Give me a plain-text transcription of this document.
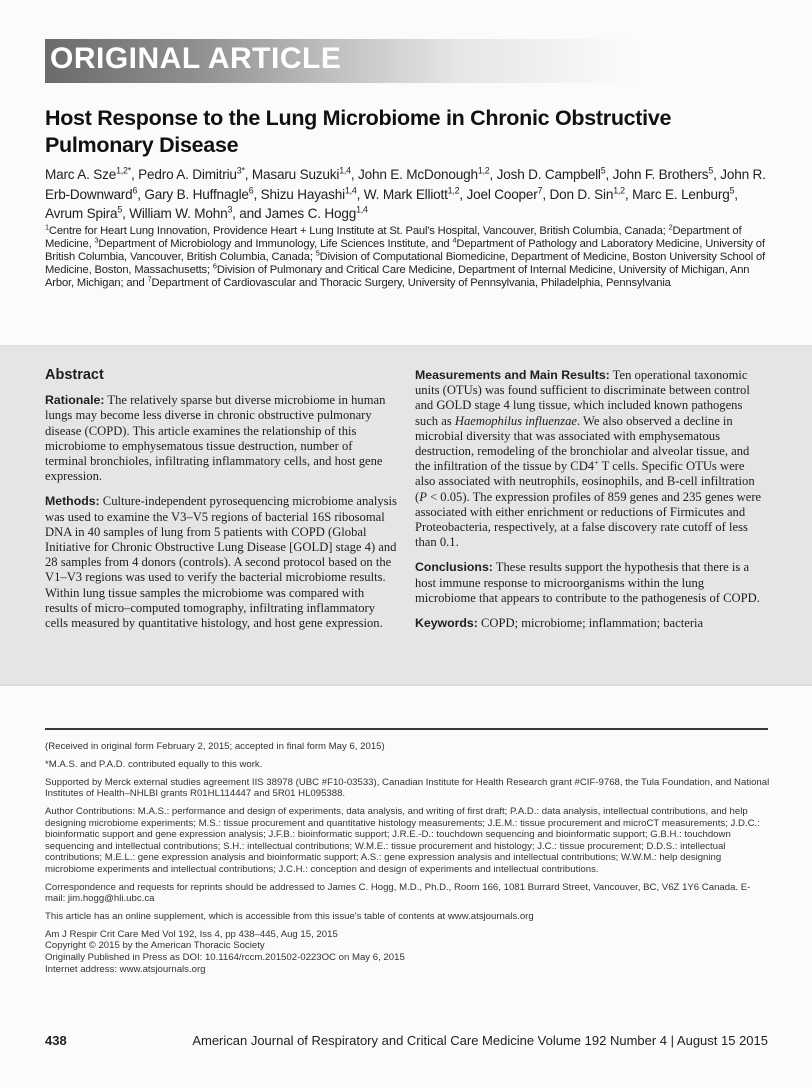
ORIGINAL ARTICLE
Host Response to the Lung Microbiome in Chronic Obstructive Pulmonary Disease
Marc A. Sze$^{1,2*}$, Pedro A. Dimitriu$^{3*}$, Masaru Suzuki$^{1,4}$, John E. McDonough$^{1,2}$, Josh D. Campbell$^5$, John F. Brothers$^5$, John R. Erb-Downward$^6$, Gary B. Huffnagle$^6$, Shizu Hayashi$^{1,4}$, W. Mark Elliott$^{1,2}$, Joel Cooper$^7$, Don D. Sin$^{1,2}$, Marc E. Lenburg$^5$, Avrum Spira$^5$, William W. Mohn$^3$, and James C. Hogg$^{1,4}$
$^1$Centre for Heart Lung Innovation, Providence Heart + Lung Institute at St. Paul's Hospital, Vancouver, British Columbia, Canada; $^2$Department of Medicine, $^3$Department of Microbiology and Immunology, Life Sciences Institute, and $^4$Department of Pathology and Laboratory Medicine, University of British Columbia, Vancouver, British Columbia, Canada; $^5$Division of Computational Biomedicine, Department of Medicine, Boston University School of Medicine, Boston, Massachusetts; $^6$Division of Pulmonary and Critical Care Medicine, Department of Internal Medicine, University of Michigan, Ann Arbor, Michigan; and $^7$Department of Cardiovascular and Thoracic Surgery, University of Pennsylvania, Philadelphia, Pennsylvania
Abstract

Rationale: The relatively sparse but diverse microbiome in human lungs may become less diverse in chronic obstructive pulmonary disease (COPD). This article examines the relationship of this microbiome to emphysematous tissue destruction, number of terminal bronchioles, infiltrating inflammatory cells, and host gene expression.

Methods: Culture-independent pyrosequencing microbiome analysis was used to examine the V3–V5 regions of bacterial 16S ribosomal DNA in 40 samples of lung from 5 patients with COPD (Global Initiative for Chronic Obstructive Lung Disease [GOLD] stage 4) and 28 samples from 4 donors (controls). A second protocol based on the V1–V3 regions was used to verify the bacterial microbiome results. Within lung tissue samples the microbiome was compared with results of micro–computed tomography, infiltrating inflammatory cells measured by quantitative histology, and host gene expression.

Measurements and Main Results: Ten operational taxonomic units (OTUs) was found sufficient to discriminate between control and GOLD stage 4 lung tissue, which included known pathogens such as Haemophilus influenzae. We also observed a decline in microbial diversity that was associated with emphysematous destruction, remodeling of the bronchiolar and alveolar tissue, and the infiltration of the tissue by CD4+ T cells. Specific OTUs were also associated with neutrophils, eosinophils, and B-cell infiltration (P < 0.05). The expression profiles of 859 genes and 235 genes were associated with either enrichment or reductions of Firmicutes and Proteobacteria, respectively, at a false discovery rate cutoff of less than 0.1.

Conclusions: These results support the hypothesis that there is a host immune response to microorganisms within the lung microbiome that appears to contribute to the pathogenesis of COPD.

Keywords: COPD; microbiome; inflammation; bacteria

(Received in original form February 2, 2015; accepted in final form May 6, 2015)

*M.A.S. and P.A.D. contributed equally to this work.

Supported by Merck external studies agreement IIS 38978 (UBC #F10-03533), Canadian Institute for Health Research grant #CIF-9768, the Tula Foundation, and National Institutes of Health–NHLBI grants R01HL114447 and 5R01 HL095388.

Author Contributions: M.A.S.: performance and design of experiments, data analysis, and writing of first draft; P.A.D.: data analysis, intellectual contributions, and help designing microbiome experiments; M.S.: tissue procurement and quantitative histology measurements; J.E.M.: tissue procurement and microCT measurements; J.D.C.: bioinformatic support and gene expression analysis; J.F.B.: bioinformatic support; J.R.E.-D.: touchdown sequencing and bioinformatic support; G.B.H.: touchdown sequencing and intellectual contributions; S.H.: intellectual contributions; W.M.E.: tissue procurement and histology; J.C.: tissue procurement; D.D.S.: intellectual contributions; M.E.L.: gene expression analysis and bioinformatic support; A.S.: gene expression analysis and intellectual contributions; W.W.M.: help designing microbiome experiments and intellectual contributions; J.C.H.: conception and design of experiments and intellectual contributions.

Correspondence and requests for reprints should be addressed to James C. Hogg, M.D., Ph.D., Room 166, 1081 Burrard Street, Vancouver, BC, V6Z 1Y6 Canada. E-mail: jim.hogg@hli.ubc.ca

This article has an online supplement, which is accessible from this issue's table of contents at www.atsjournals.org

Am J Respir Crit Care Med Vol 192, Iss 4, pp 438–445, Aug 15, 2015

Copyright © 2015 by the American Thoracic Society

Originally Published in Press as DOI: 10.1164/rccm.201502-0223OC on May 6, 2015

Internet address: www.atsjournals.org

438	American Journal of Respiratory and Critical Care Medicine Volume 192 Number 4 | August 15 2015
